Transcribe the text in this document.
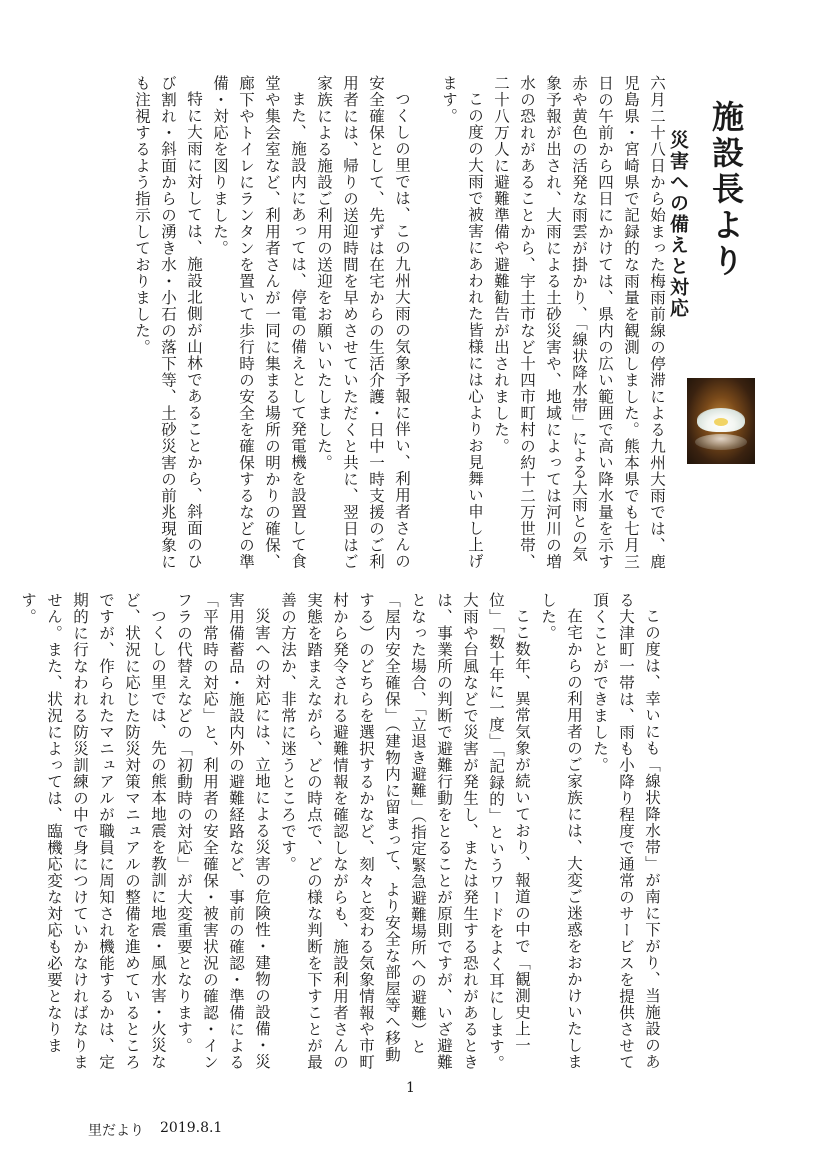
施設長より
災害への備えと対応

六月二十八日から始まった梅雨前線の停滞による九州大雨では、鹿児島県・宮崎県で記録的な雨量を観測しました。熊本県でも七月三日の午前から四日にかけては、県内の広い範囲で高い降水量を示す赤や黄色の活発な雨雲が掛かり、「線状降水帯」による大雨との気象予報が出され、大雨による土砂災害や、地域によっては河川の増水の恐れがあることから、宇土市など十四市町村の約十二万世帯、二十八万人に避難準備や避難勧告が出されました。

この度の大雨で被害にあわれた皆様には心よりお見舞い申し上げます。

つくしの里では、この九州大雨の気象予報に伴い、利用者さんの安全確保として、先ずは在宅からの生活介護・日中一時支援のご利用者には、帰りの送迎時間を早めさせていただくと共に、翌日はご家族による施設ご利用の送迎をお願いいたしました。

また、施設内にあっては、停電の備えとして発電機を設置して食堂や集会室など、利用者さんが一同に集まる場所の明かりの確保、廊下やトイレにランタンを置いて歩行時の安全を確保するなどの準備・対応を図りました。

特に大雨に対しては、施設北側が山林であることから、斜面のひび割れ・斜面からの湧き水・小石の落下等、土砂災害の前兆現象にも注視するよう指示しておりました。

この度は、幸いにも「線状降水帯」が南に下がり、当施設のある大津町一帯は、雨も小降り程度で通常のサービスを提供させて頂くことができました。

在宅からの利用者のご家族には、大変ご迷惑をおかけいたしました。

ここ数年、異常気象が続いており、報道の中で「観測史上一位」「数十年に一度」「記録的」というワードをよく耳にします。大雨や台風などで災害が発生し、または発生する恐れがあるときは、事業所の判断で避難行動をとることが原則ですが、いざ避難となった場合、「立退き避難」（指定緊急避難場所への避難）と「屋内安全確保」（建物内に留まって、より安全な部屋等へ移動する）のどちらを選択するかなど、刻々と変わる気象情報や市町村から発令される避難情報を確認しながらも、施設利用者さんの実態を踏まえながら、どの時点で、どの様な判断を下すことが最善の方法か、非常に迷うところです。

災害への対応には、立地による災害の危険性・建物の設備・災害用備蓄品・施設内外の避難経路など、事前の確認・準備による「平常時の対応」と、利用者の安全確保・被害状況の確認・インフラの代替えなどの「初動時の対応」が大変重要となります。

つくしの里では、先の熊本地震を教訓に地震・風水害・火災など、状況に応じた防災対策マニュアルの整備を進めているところですが、作られたマニュアルが職員に周知され機能するかは、定期的に行なわれる防災訓練の中で身につけていかなければなりません。また、状況によっては、臨機応変な対応も必要となります。

1
里だより 2019.8.1
